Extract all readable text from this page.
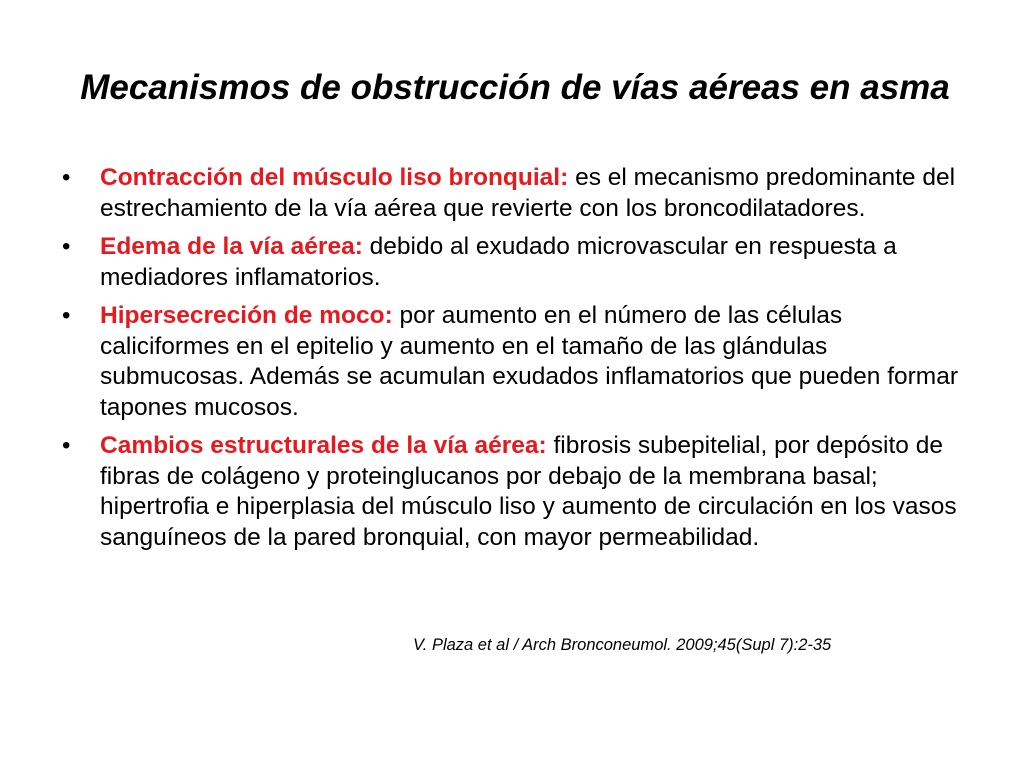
Mecanismos de obstrucción de vías aéreas en asma
•	Contracción del músculo liso bronquial: es el mecanismo predominante del estrechamiento de la vía aérea que revierte con los broncodilatadores.
•	Edema de la vía aérea: debido al exudado microvascular en respuesta a mediadores inflamatorios.
•	Hipersecreción de moco: por aumento en el número de las células caliciformes en el epitelio y aumento en el tamaño de las glándulas submucosas. Además se acumulan exudados inflamatorios que pueden formar tapones mucosos.
•	Cambios estructurales de la vía aérea: fibrosis subepitelial, por depósito de fibras de colágeno y proteinglucanos por debajo de la membrana basal; hipertrofia e hiperplasia del músculo liso y aumento de circulación en los vasos sanguíneos de la pared bronquial, con mayor permeabilidad.
V. Plaza et al / Arch Bronconeumol. 2009;45(Supl 7):2-35
